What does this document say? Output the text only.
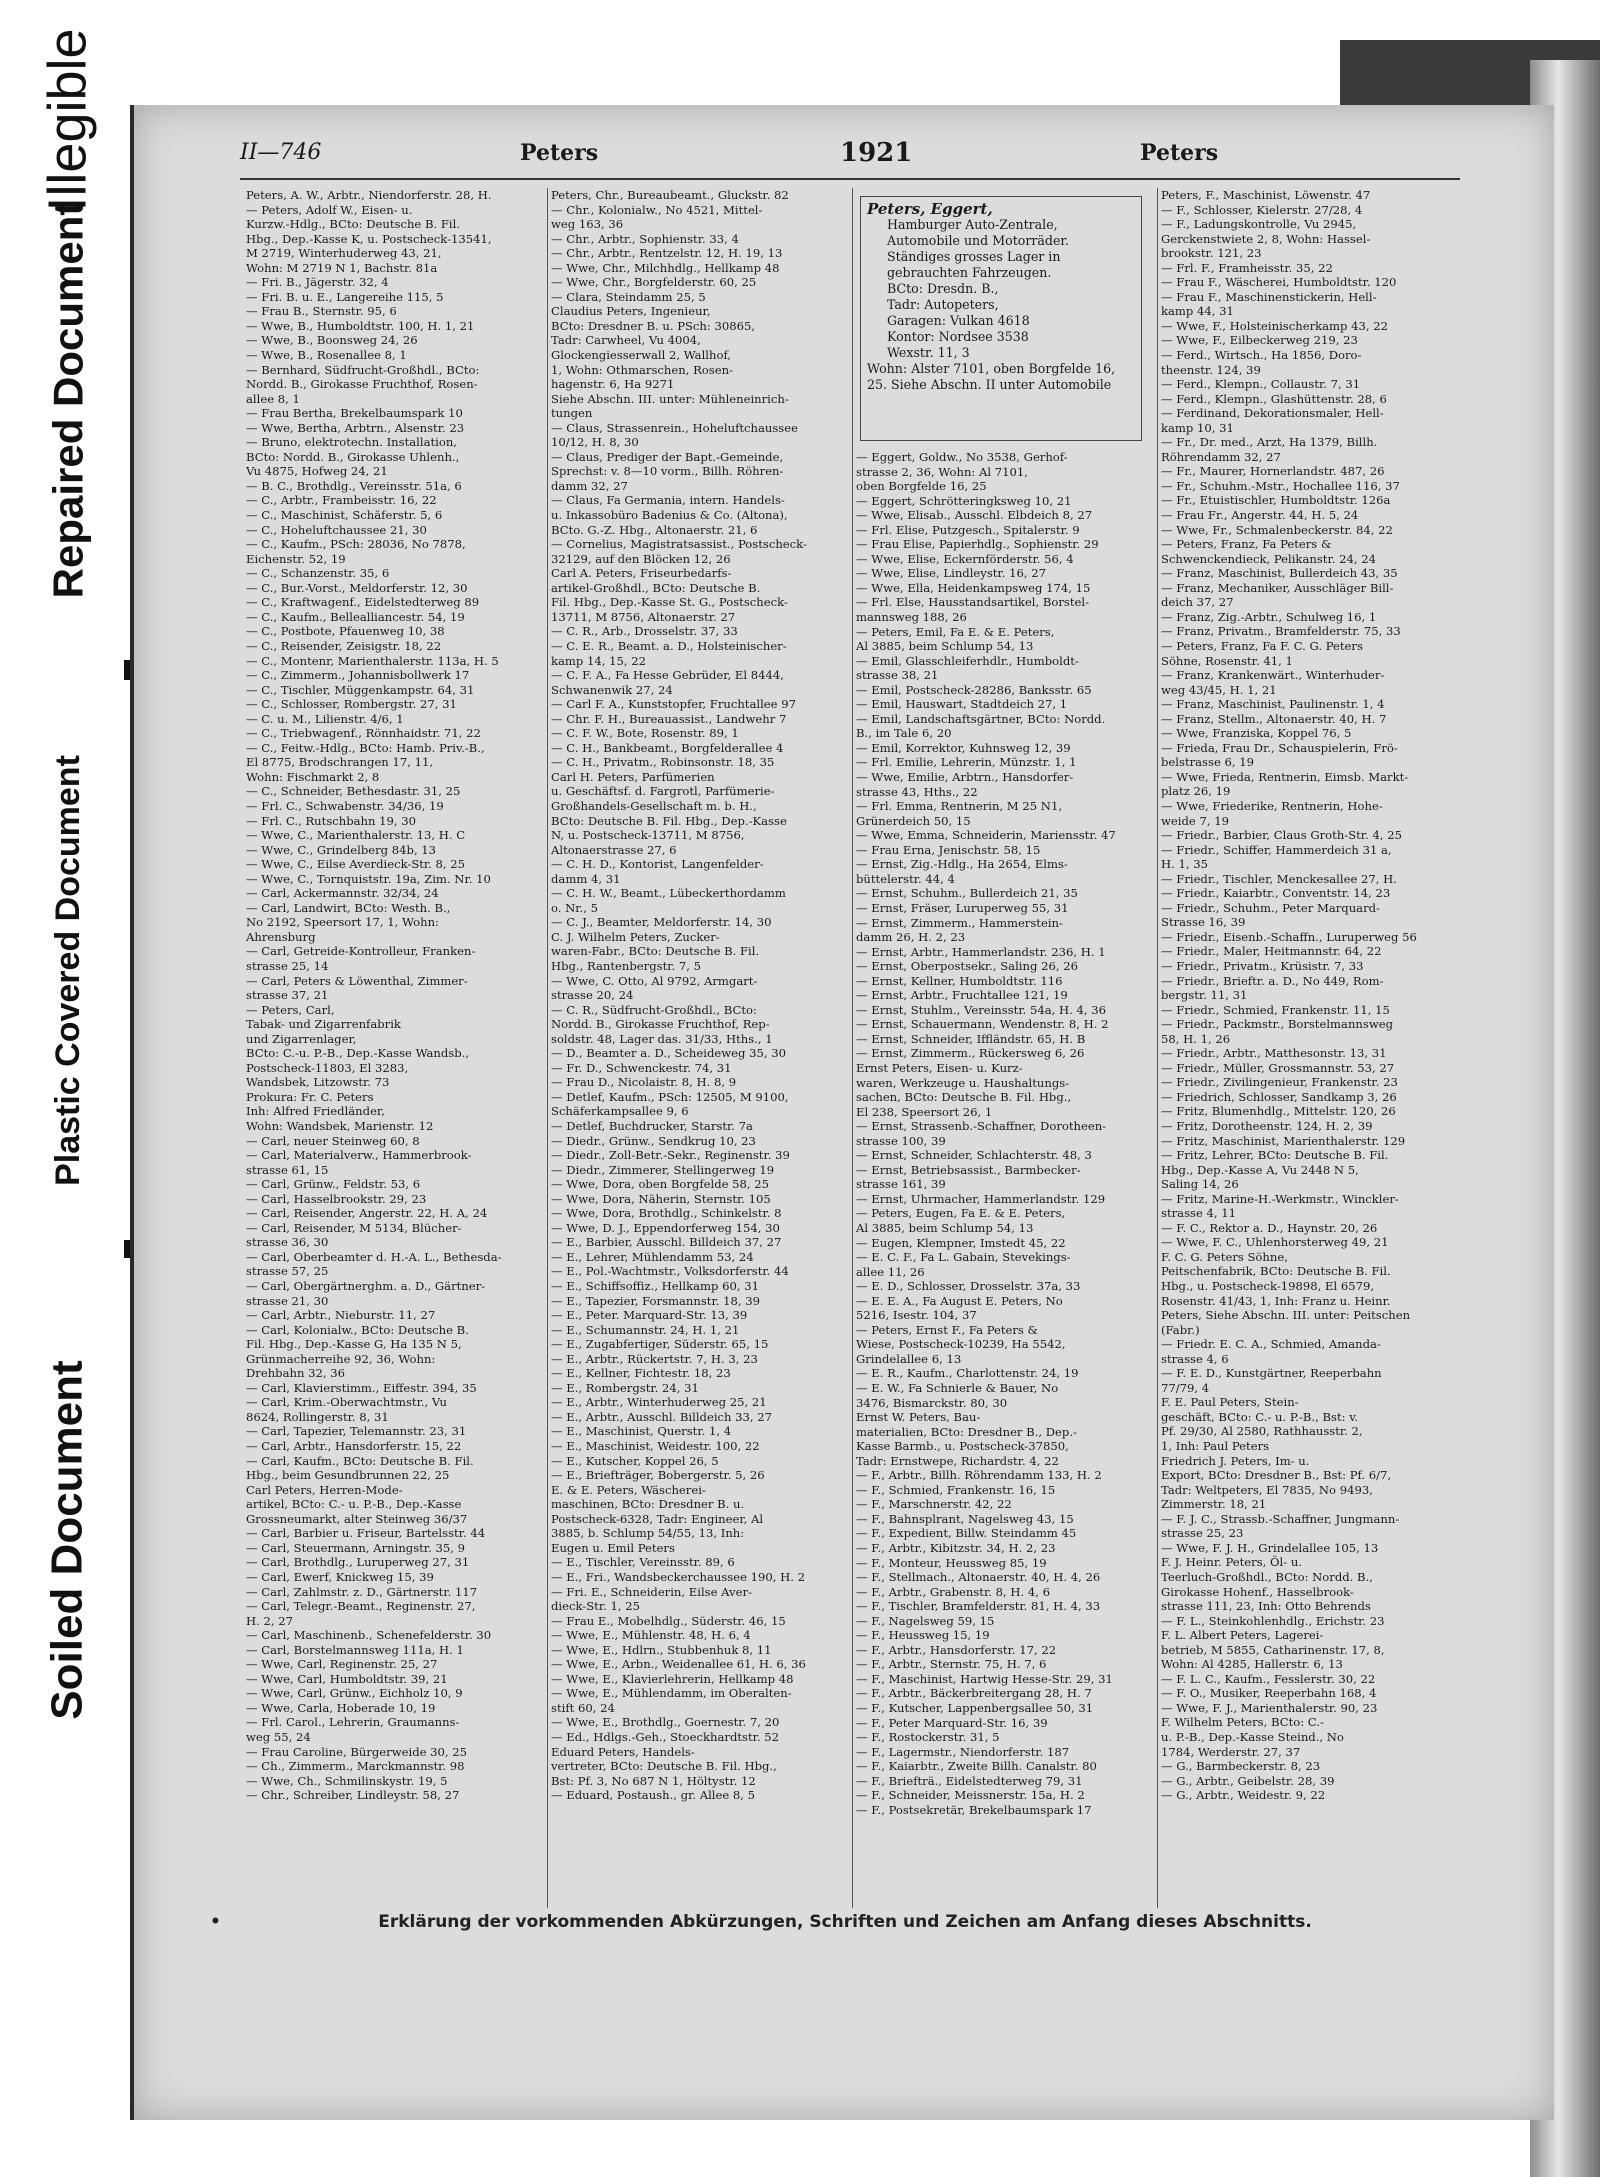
Illegible
Repaired Document
Plastic Covered Document
Soiled Document
II—746	Peters	1921	Peters
Peters, A. W., Arbtr., Niendorferstr. 28, H.
— Peters, Adolf W., Eisen- u.
Kurzw.-Hdlg., BCto: Deutsche B. Fil.
Hbg., Dep.-Kasse K, u. Postscheck-13541,
M 2719, Winterhuderweg 43, 21,
Wohn: M 2719 N 1, Bachstr. 81a
— Fri. B., Jägerstr. 32, 4
— Fri. B. u. E., Langereihe 115, 5
— Frau B., Sternstr. 95, 6
— Wwe, B., Humboldtstr. 100, H. 1, 21
— Wwe, B., Boonsweg 24, 26
— Wwe, B., Rosenallee 8, 1
— Bernhard, Südfrucht-Großhdl., BCto:
Nordd. B., Girokasse Fruchthof, Rosen-
allee 8, 1
— Frau Bertha, Brekelbaumspark 10
— Wwe, Bertha, Arbtrn., Alsenstr. 23
— Bruno, elektrotechn. Installation,
BCto: Nordd. B., Girokasse Uhlenh.,
Vu 4875, Hofweg 24, 21
— B. C., Brothdlg., Vereinsstr. 51a, 6
— C., Arbtr., Frambeisstr. 16, 22
— C., Maschinist, Schäferstr. 5, 6
— C., Hoheluftchaussee 21, 30
— C., Kaufm., PSch: 28036, No 7878,
Eichenstr. 52, 19
— C., Schanzenstr. 35, 6
— C., Bur.-Vorst., Meldorferstr. 12, 30
— C., Kraftwagenf., Eidelstedterweg 89
— C., Kaufm., Bellealliancestr. 54, 19
— C., Postbote, Pfauenweg 10, 38
— C., Reisender, Zeisigstr. 18, 22
— C., Montenr, Marienthalerstr. 113a, H. 5
— C., Zimmerm., Johannisbollwerk 17
— C., Tischler, Müggenkampstr. 64, 31
— C., Schlosser, Rombergstr. 27, 31
— C. u. M., Lilienstr. 4/6, 1
— C., Triebwagenf., Rönnhaidstr. 71, 22
— C., Feitw.-Hdlg., BCto: Hamb. Priv.-B.,
El 8775, Brodschrangen 17, 11,
Wohn: Fischmarkt 2, 8
— C., Schneider, Bethesdastr. 31, 25
— Frl. C., Schwabenstr. 34/36, 19
— Frl. C., Rutschbahn 19, 30
— Wwe, C., Marienthalerstr. 13, H. C
— Wwe, C., Grindelberg 84b, 13
— Wwe, C., Eilse Averdieck-Str. 8, 25
— Wwe, C., Tornquiststr. 19a, Zim. Nr. 10
— Carl, Ackermannstr. 32/34, 24
— Carl, Landwirt, BCto: Westh. B.,
No 2192, Speersort 17, 1, Wohn:
Ahrensburg
— Carl, Getreide-Kontrolleur, Franken-
strasse 25, 14
— Carl, Peters & Löwenthal, Zimmer-
strasse 37, 21
— Peters, Carl,
Tabak- und Zigarrenfabrik
und Zigarrenlager,
BCto: C.-u. P.-B., Dep.-Kasse Wandsb.,
Postscheck-11803, El 3283,
Wandsbek, Litzowstr. 73
Prokura: Fr. C. Peters
Inh: Alfred Friedländer,
Wohn: Wandsbek, Marienstr. 12
— Carl, neuer Steinweg 60, 8
— Carl, Materialverw., Hammerbrook-
strasse 61, 15
— Carl, Grünw., Feldstr. 53, 6
— Carl, Hasselbrookstr. 29, 23
— Carl, Reisender, Angerstr. 22, H. A, 24
— Carl, Reisender, M 5134, Blücher-
strasse 36, 30
— Carl, Oberbeamter d. H.-A. L., Bethesda-
strasse 57, 25
— Carl, Obergärtnerghm. a. D., Gärtner-
strasse 21, 30
— Carl, Arbtr., Nieburstr. 11, 27
— Carl, Kolonialw., BCto: Deutsche B.
Fil. Hbg., Dep.-Kasse G, Ha 135 N 5,
Grünmacherreihe 92, 36, Wohn:
Drehbahn 32, 36
— Carl, Klavierstimm., Eiffestr. 394, 35
— Carl, Krim.-Oberwachtmstr., Vu
8624, Rollingerstr. 8, 31
— Carl, Tapezier, Telemannstr. 23, 31
— Carl, Arbtr., Hansdorferstr. 15, 22
— Carl, Kaufm., BCto: Deutsche B. Fil.
Hbg., beim Gesundbrunnen 22, 25
Carl Peters, Herren-Mode-
artikel, BCto: C.- u. P.-B., Dep.-Kasse
Grossneumarkt, alter Steinweg 36/37
— Carl, Barbier u. Friseur, Bartelsstr. 44
— Carl, Steuermann, Arningstr. 35, 9
— Carl, Brothdlg., Luruperweg 27, 31
— Carl, Ewerf, Knickweg 15, 39
— Carl, Zahlmstr. z. D., Gärtnerstr. 117
— Carl, Telegr.-Beamt., Reginenstr. 27,
H. 2, 27
— Carl, Maschinenb., Schenefelderstr. 30
— Carl, Borstelmannsweg 111a, H. 1
— Wwe, Carl, Reginenstr. 25, 27
— Wwe, Carl, Humboldtstr. 39, 21
— Wwe, Carl, Grünw., Eichholz 10, 9
— Wwe, Carla, Hoberade 10, 19
— Frl. Carol., Lehrerin, Graumanns-
weg 55, 24
— Frau Caroline, Bürgerweide 30, 25
— Ch., Zimmerm., Marckmannstr. 98
— Wwe, Ch., Schmilinskystr. 19, 5
— Chr., Schreiber, Lindleystr. 58, 27
Peters, Chr., Bureaubeamt., Gluckstr. 82
— Chr., Kolonialw., No 4521, Mittel-
weg 163, 36
— Chr., Arbtr., Sophienstr. 33, 4
— Chr., Arbtr., Rentzelstr. 12, H. 19, 13
— Wwe, Chr., Milchhdlg., Hellkamp 48
— Wwe, Chr., Borgfelderstr. 60, 25
— Clara, Steindamm 25, 5
Claudius Peters, Ingenieur,
BCto: Dresdner B. u. PSch: 30865,
Tadr: Carwheel, Vu 4004,
Glockengiesserwall 2, Wallhof,
1, Wohn: Othmarschen, Rosen-
hagenstr. 6, Ha 9271
Siehe Abschn. III. unter: Mühleneinrich-
tungen
— Claus, Strassenrein., Hoheluftchaussee
10/12, H. 8, 30
— Claus, Prediger der Bapt.-Gemeinde,
Sprechst: v. 8—10 vorm., Billh. Röhren-
damm 32, 27
— Claus, Fa Germania, intern. Handels-
u. Inkassobüro Badenius & Co. (Altona),
BCto. G.-Z. Hbg., Altonaerstr. 21, 6
— Cornelius, Magistratsassist., Postscheck-
32129, auf den Blöcken 12, 26
Carl A. Peters, Friseurbedarfs-
artikel-Großhdl., BCto: Deutsche B.
Fil. Hbg., Dep.-Kasse St. G., Postscheck-
13711, M 8756, Altonaerstr. 27
— C. R., Arb., Drosselstr. 37, 33
— C. E. R., Beamt. a. D., Holsteinischer-
kamp 14, 15, 22
— C. F. A., Fa Hesse Gebrüder, El 8444,
Schwanenwik 27, 24
— Carl F. A., Kunststopfer, Fruchtallee 97
— Chr. F. H., Bureauassist., Landwehr 7
— C. F. W., Bote, Rosenstr. 89, 1
— C. H., Bankbeamt., Borgfelderallee 4
— C. H., Privatm., Robinsonstr. 18, 35
Carl H. Peters, Parfümerien
u. Geschäftsf. d. Fargrotl, Parfümerie-
Großhandels-Gesellschaft m. b. H.,
BCto: Deutsche B. Fil. Hbg., Dep.-Kasse
N, u. Postscheck-13711, M 8756,
Altonaerstrasse 27, 6
— C. H. D., Kontorist, Langenfelder-
damm 4, 31
— C. H. W., Beamt., Lübeckerthordamm
o. Nr., 5
— C. J., Beamter, Meldorferstr. 14, 30
C. J. Wilhelm Peters, Zucker-
waren-Fabr., BCto: Deutsche B. Fil.
Hbg., Rantenbergstr. 7, 5
— Wwe, C. Otto, Al 9792, Armgart-
strasse 20, 24
— C. R., Südfrucht-Großhdl., BCto:
Nordd. B., Girokasse Fruchthof, Rep-
soldstr. 48, Lager das. 31/33, Hths., 1
— D., Beamter a. D., Scheideweg 35, 30
— Fr. D., Schwenckestr. 74, 31
— Frau D., Nicolaistr. 8, H. 8, 9
— Detlef, Kaufm., PSch: 12505, M 9100,
Schäferkampsallee 9, 6
— Detlef, Buchdrucker, Starstr. 7a
— Diedr., Grünw., Sendkrug 10, 23
— Diedr., Zoll-Betr.-Sekr., Reginenstr. 39
— Diedr., Zimmerer, Stellingerweg 19
— Wwe, Dora, oben Borgfelde 58, 25
— Wwe, Dora, Näherin, Sternstr. 105
— Wwe, Dora, Brothdlg., Schinkelstr. 8
— Wwe, D. J., Eppendorferweg 154, 30
— E., Barbier, Ausschl. Billdeich 37, 27
— E., Lehrer, Mühlendamm 53, 24
— E., Pol.-Wachtmstr., Volksdorferstr. 44
— E., Schiffsoffiz., Hellkamp 60, 31
— E., Tapezier, Forsmannstr. 18, 39
— E., Peter. Marquard-Str. 13, 39
— E., Schumannstr. 24, H. 1, 21
— E., Zugabfertiger, Süderstr. 65, 15
— E., Arbtr., Rückertstr. 7, H. 3, 23
— E., Kellner, Fichtestr. 18, 23
— E., Rombergstr. 24, 31
— E., Arbtr., Winterhuderweg 25, 21
— E., Arbtr., Ausschl. Billdeich 33, 27
— E., Maschinist, Querstr. 1, 4
— E., Maschinist, Weidestr. 100, 22
— E., Kutscher, Koppel 26, 5
— E., Briefträger, Bobergerstr. 5, 26
E. & E. Peters, Wäscherei-
maschinen, BCto: Dresdner B. u.
Postscheck-6328, Tadr: Engineer, Al
3885, b. Schlump 54/55, 13, Inh:
Eugen u. Emil Peters
— E., Tischler, Vereinsstr. 89, 6
— E., Fri., Wandsbeckerchaussee 190, H. 2
— Fri. E., Schneiderin, Eilse Aver-
dieck-Str. 1, 25
— Frau E., Mobelhdlg., Süderstr. 46, 15
— Wwe, E., Mühlenstr. 48, H. 6, 4
— Wwe, E., Hdlrn., Stubbenhuk 8, 11
— Wwe, E., Arbn., Weidenallee 61, H. 6, 36
— Wwe, E., Klavierlehrerin, Hellkamp 48
— Wwe, E., Mühlendamm, im Oberalten-
stift 60, 24
— Wwe, E., Brothdlg., Goernestr. 7, 20
— Ed., Hdlgs.-Geh., Stoeckhardtstr. 52
Eduard Peters, Handels-
vertreter, BCto: Deutsche B. Fil. Hbg.,
Bst: Pf. 3, No 687 N 1, Höltystr. 12
— Eduard, Postaush., gr. Allee 8, 5
— Eggert, Goldw., No 3538, Gerhof-
strasse 2, 36, Wohn: Al 7101,
oben Borgfelde 16, 25
— Eggert, Schrötteringksweg 10, 21
— Wwe, Elisab., Ausschl. Elbdeich 8, 27
— Frl. Elise, Putzgesch., Spitalerstr. 9
— Frau Elise, Papierhdlg., Sophienstr. 29
— Wwe, Elise, Eckernförderstr. 56, 4
— Wwe, Elise, Lindleystr. 16, 27
— Wwe, Ella, Heidenkampsweg 174, 15
— Frl. Else, Hausstandsartikel, Borstel-
mannsweg 188, 26
— Peters, Emil, Fa E. & E. Peters,
Al 3885, beim Schlump 54, 13
— Emil, Glasschleiferhdlr., Humboldt-
strasse 38, 21
— Emil, Postscheck-28286, Banksstr. 65
— Emil, Hauswart, Stadtdeich 27, 1
— Emil, Landschaftsgärtner, BCto: Nordd.
B., im Tale 6, 20
— Emil, Korrektor, Kuhnsweg 12, 39
— Frl. Emilie, Lehrerin, Münzstr. 1, 1
— Wwe, Emilie, Arbtrn., Hansdorfer-
strasse 43, Hths., 22
— Frl. Emma, Rentnerin, M 25 N1,
Grünerdeich 50, 15
— Wwe, Emma, Schneiderin, Mariensstr. 47
— Frau Erna, Jenischstr. 58, 15
— Ernst, Zig.-Hdlg., Ha 2654, Elms-
büttelerstr. 44, 4
— Ernst, Schuhm., Bullerdeich 21, 35
— Ernst, Fräser, Luruperweg 55, 31
— Ernst, Zimmerm., Hammerstein-
damm 26, H. 2, 23
— Ernst, Arbtr., Hammerlandstr. 236, H. 1
— Ernst, Oberpostsekr., Saling 26, 26
— Ernst, Kellner, Humboldtstr. 116
— Ernst, Arbtr., Fruchtallee 121, 19
— Ernst, Stuhlm., Vereinsstr. 54a, H. 4, 36
— Ernst, Schauermann, Wendenstr. 8, H. 2
— Ernst, Schneider, Iffländstr. 65, H. B
— Ernst, Zimmerm., Rückersweg 6, 26
Ernst Peters, Eisen- u. Kurz-
waren, Werkzeuge u. Haushaltungs-
sachen, BCto: Deutsche B. Fil. Hbg.,
El 238, Speersort 26, 1
— Ernst, Strassenb.-Schaffner, Dorotheen-
strasse 100, 39
— Ernst, Schneider, Schlachterstr. 48, 3
— Ernst, Betriebsassist., Barmbecker-
strasse 161, 39
— Ernst, Uhrmacher, Hammerlandstr. 129
— Peters, Eugen, Fa E. & E. Peters,
Al 3885, beim Schlump 54, 13
— Eugen, Klempner, Imstedt 45, 22
— E. C. F., Fa L. Gabain, Stevekings-
allee 11, 26
— E. D., Schlosser, Drosselstr. 37a, 33
— E. E. A., Fa August E. Peters, No
5216, Isestr. 104, 37
— Peters, Ernst F., Fa Peters &
Wiese, Postscheck-10239, Ha 5542,
Grindelallee 6, 13
— E. R., Kaufm., Charlottenstr. 24, 19
— E. W., Fa Schnierle & Bauer, No
3476, Bismarckstr. 80, 30
Ernst W. Peters, Bau-
materialien, BCto: Dresdner B., Dep.-
Kasse Barmb., u. Postscheck-37850,
Tadr: Ernstwepe, Richardstr. 4, 22
— F., Arbtr., Billh. Röhrendamm 133, H. 2
— F., Schmied, Frankenstr. 16, 15
— F., Marschnerstr. 42, 22
— F., Bahnsplrant, Nagelsweg 43, 15
— F., Expedient, Billw. Steindamm 45
— F., Arbtr., Kibitzstr. 34, H. 2, 23
— F., Monteur, Heussweg 85, 19
— F., Stellmach., Altonaerstr. 40, H. 4, 26
— F., Arbtr., Grabenstr. 8, H. 4, 6
— F., Tischler, Bramfelderstr. 81, H. 4, 33
— F., Nagelsweg 59, 15
— F., Heussweg 15, 19
— F., Arbtr., Hansdorferstr. 17, 22
— F., Arbtr., Sternstr. 75, H. 7, 6
— F., Maschinist, Hartwig Hesse-Str. 29, 31
— F., Arbtr., Bäckerbreitergang 28, H. 7
— F., Kutscher, Lappenbergsallee 50, 31
— F., Peter Marquard-Str. 16, 39
— F., Rostockerstr. 31, 5
— F., Lagermstr., Niendorferstr. 187
— F., Kaiarbtr., Zweite Billh. Canalstr. 80
— F., Briefträ., Eidelstedterweg 79, 31
— F., Schneider, Meissnerstr. 15a, H. 2
— F., Postsekretär, Brekelbaumspark 17
Peters, F., Maschinist, Löwenstr. 47
— F., Schlosser, Kielerstr. 27/28, 4
— F., Ladungskontrolle, Vu 2945,
Gerckenstwiete 2, 8, Wohn: Hassel-
brookstr. 121, 23
— Frl. F., Framheisstr. 35, 22
— Frau F., Wäscherei, Humboldtstr. 120
— Frau F., Maschinenstickerin, Hell-
kamp 44, 31
— Wwe, F., Holsteinischerkamp 43, 22
— Wwe, F., Eilbeckerweg 219, 23
— Ferd., Wirtsch., Ha 1856, Doro-
theenstr. 124, 39
— Ferd., Klempn., Collaustr. 7, 31
— Ferd., Klempn., Glashüttenstr. 28, 6
— Ferdinand, Dekorationsmaler, Hell-
kamp 10, 31
— Fr., Dr. med., Arzt, Ha 1379, Billh.
Röhrendamm 32, 27
— Fr., Maurer, Hornerlandstr. 487, 26
— Fr., Schuhm.-Mstr., Hochallee 116, 37
— Fr., Etuistischler, Humboldtstr. 126a
— Frau Fr., Angerstr. 44, H. 5, 24
— Wwe, Fr., Schmalenbeckerstr. 84, 22
— Peters, Franz, Fa Peters &
Schwenckendieck, Pelikanstr. 24, 24
— Franz, Maschinist, Bullerdeich 43, 35
— Franz, Mechaniker, Ausschläger Bill-
deich 37, 27
— Franz, Zig.-Arbtr., Schulweg 16, 1
— Franz, Privatm., Bramfelderstr. 75, 33
— Peters, Franz, Fa F. C. G. Peters
Söhne, Rosenstr. 41, 1
— Franz, Krankenwärt., Winterhuder-
weg 43/45, H. 1, 21
— Franz, Maschinist, Paulinenstr. 1, 4
— Franz, Stellm., Altonaerstr. 40, H. 7
— Wwe, Franziska, Koppel 76, 5
— Frieda, Frau Dr., Schauspielerin, Frö-
belstrasse 6, 19
— Wwe, Frieda, Rentnerin, Eimsb. Markt-
platz 26, 19
— Wwe, Friederike, Rentnerin, Hohe-
weide 7, 19
— Friedr., Barbier, Claus Groth-Str. 4, 25
— Friedr., Schiffer, Hammerdeich 31 a,
H. 1, 35
— Friedr., Tischler, Menckesallee 27, H.
— Friedr., Kaiarbtr., Conventstr. 14, 23
— Friedr., Schuhm., Peter Marquard-
Strasse 16, 39
— Friedr., Eisenb.-Schaffn., Luruperweg 56
— Friedr., Maler, Heitmannstr. 64, 22
— Friedr., Privatm., Krüsistr. 7, 33
— Friedr., Brieftr. a. D., No 449, Rom-
bergstr. 11, 31
— Friedr., Schmied, Frankenstr. 11, 15
— Friedr., Packmstr., Borstelmannsweg
58, H. 1, 26
— Friedr., Arbtr., Matthesonstr. 13, 31
— Friedr., Müller, Grossmannstr. 53, 27
— Friedr., Zivilingenieur, Frankenstr. 23
— Friedrich, Schlosser, Sandkamp 3, 26
— Fritz, Blumenhdlg., Mittelstr. 120, 26
— Fritz, Dorotheenstr. 124, H. 2, 39
— Fritz, Maschinist, Marienthalerstr. 129
— Fritz, Lehrer, BCto: Deutsche B. Fil.
Hbg., Dep.-Kasse A, Vu 2448 N 5,
Saling 14, 26
— Fritz, Marine-H.-Werkmstr., Winckler-
strasse 4, 11
— F. C., Rektor a. D., Haynstr. 20, 26
— Wwe, F. C., Uhlenhorsterweg 49, 21
F. C. G. Peters Söhne,
Peitschenfabrik, BCto: Deutsche B. Fil.
Hbg., u. Postscheck-19898, El 6579,
Rosenstr. 41/43, 1, Inh: Franz u. Heinr.
Peters, Siehe Abschn. III. unter: Peitschen
(Fabr.)
— Friedr. E. C. A., Schmied, Amanda-
strasse 4, 6
— F. E. D., Kunstgärtner, Reeperbahn
77/79, 4
F. E. Paul Peters, Stein-
geschäft, BCto: C.- u. P.-B., Bst: v.
Pf. 29/30, Al 2580, Rathhausstr. 2,
1, Inh: Paul Peters
Friedrich J. Peters, Im- u.
Export, BCto: Dresdner B., Bst: Pf. 6/7,
Tadr: Weltpeters, El 7835, No 9493,
Zimmerstr. 18, 21
— F. J. C., Strassb.-Schaffner, Jungmann-
strasse 25, 23
— Wwe, F. J. H., Grindelallee 105, 13
F. J. Heinr. Peters, Öl- u.
Teerluch-Großhdl., BCto: Nordd. B.,
Girokasse Hohenf., Hasselbrook-
strasse 111, 23, Inh: Otto Behrends
— F. L., Steinkohlenhdlg., Erichstr. 23
F. L. Albert Peters, Lagerei-
betrieb, M 5855, Catharinenstr. 17, 8,
Wohn: Al 4285, Hallerstr. 6, 13
— F. L. C., Kaufm., Fesslerstr. 30, 22
— F. O., Musiker, Reeperbahn 168, 4
— Wwe, F. J., Marienthalerstr. 90, 23
F. Wilhelm Peters, BCto: C.-
u. P.-B., Dep.-Kasse Steind., No
1784, Werderstr. 27, 37
— G., Barmbeckerstr. 8, 23
— G., Arbtr., Geibelstr. 28, 39
— G., Arbtr., Weidestr. 9, 22
Peters, Eggert,
Hamburger Auto-Zentrale,
Automobile und Motorräder.
Ständiges grosses Lager in
gebrauchten Fahrzeugen.
BCto: Dresdn. B.,
Tadr: Autopeters,
Garagen: Vulkan 4618
Kontor: Nordsee 3538
Wexstr. 11, 3
Wohn: Alster 7101, oben Borgfelde 16,
25. Siehe Abschn. II unter Automobile
•	Erklärung der vorkommenden Abkürzungen, Schriften und Zeichen am Anfang dieses Abschnitts.
